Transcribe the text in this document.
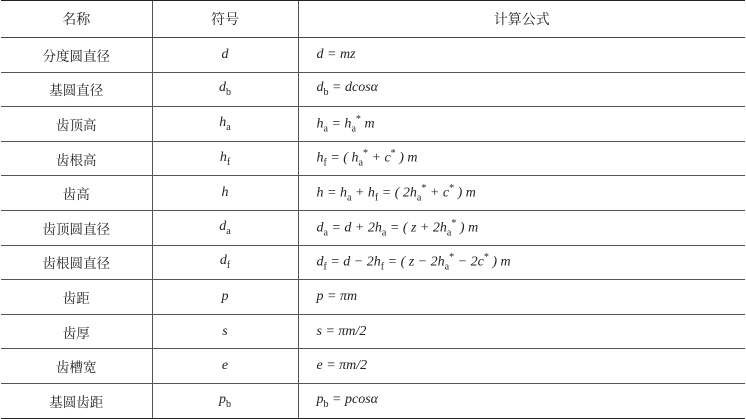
名称	符号	计算公式
分度圆直径	d	d = mz
基圆直径	$d_b$	$d_b = dcos\alpha$
齿顶高	$h_a$	$h_a = h_a^*$ m
齿根高	$h_f$	$h_f$ = ( $h_a^* + c^*$ ) m
齿高	h	$h = h_a + h_f$ = ( $2h_a^* + c^*$ ) m
齿顶圆直径	$d_a$	$d_a = d + 2h_a$ = ( $z + 2h_a^*$ ) m
齿根圆直径	$d_f$	$d_f = d - 2h_f$ = ( $z - 2h_a^* - 2c^*$ ) m
齿距	p	p = πm
齿厚	s	s = πm/2
齿槽宽	e	e = πm/2
基圆齿距	$p_b$	$p_b = pcos\alpha$
